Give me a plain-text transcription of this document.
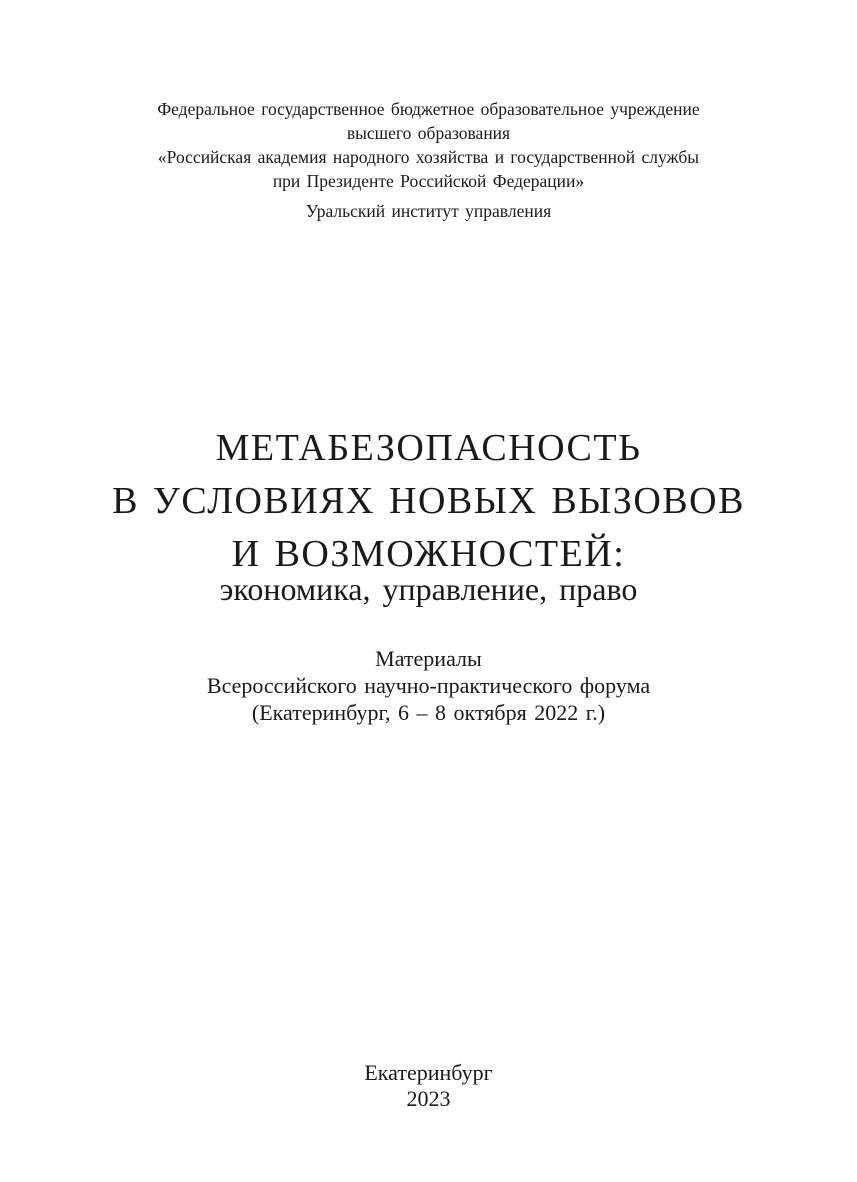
Федеральное государственное бюджетное образовательное учреждение
высшего образования
«Российская академия народного хозяйства и государственной службы
при Президенте Российской Федерации»
Уральский институт управления
МЕТАБЕЗОПАСНОСТЬ
В УСЛОВИЯХ НОВЫХ ВЫЗОВОВ
И ВОЗМОЖНОСТЕЙ:
экономика, управление, право
Материалы
Всероссийского научно-практического форума
(Екатеринбург, 6 – 8 октября 2022 г.)
Екатеринбург
2023
